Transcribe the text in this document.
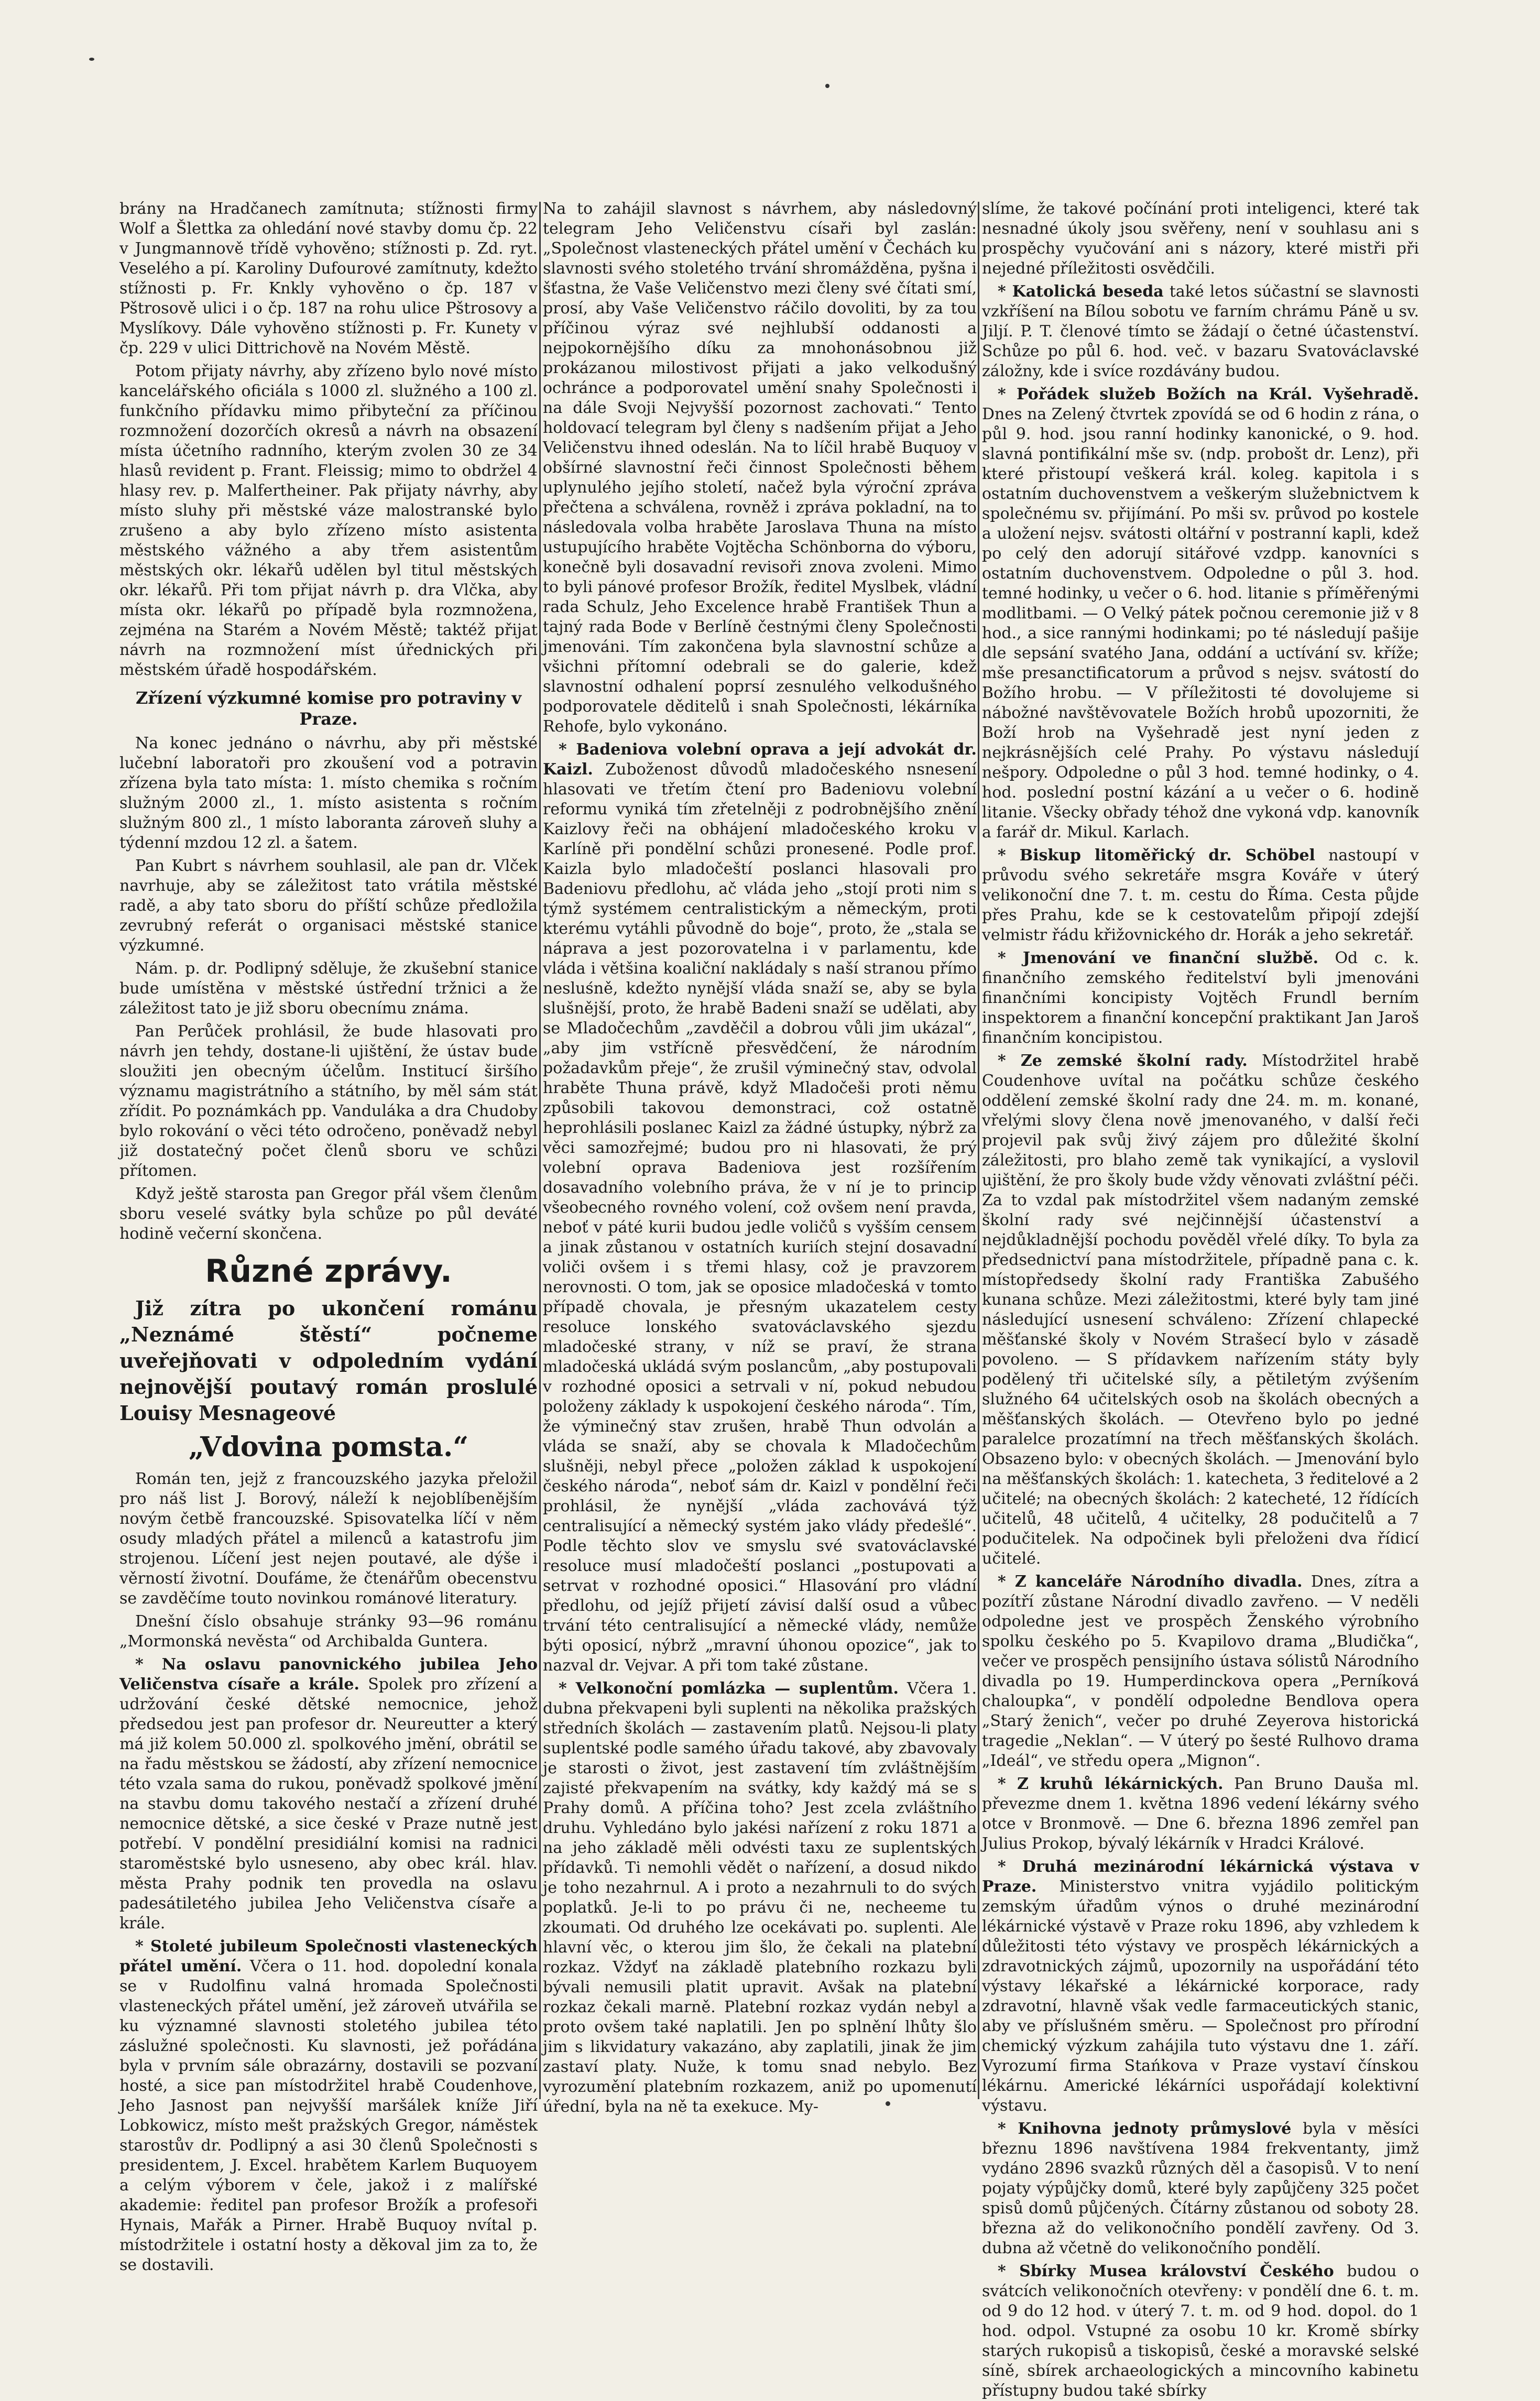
brány na Hradčanech zamítnuta; stížnosti firmy Wolf a Šlettka za ohledání nové stavby domu čp. 22 v Jungmannově třídě vyhověno; stížnosti p. Zd. ryt. Veselého a pí. Karoliny Dufourové zamítnuty, kdežto stížnosti p. Fr. Knkly vyhověno o čp. 187 v Pštrosově ulici i o čp. 187 na rohu ulice Pštrosovy a Myslíkovy. Dále vyhověno stížnosti p. Fr. Kunety v čp. 229 v ulici Dittrichově na Novém Městě.

Potom přijaty návrhy, aby zřízeno bylo nové místo kancelářského oficiála s 1000 zl. služného a 100 zl. funkčního přídavku mimo přibyteční za příčinou rozmnožení dozorčích okresů a návrh na obsazení místa účetního radnního, kterým zvolen 30 ze 34 hlasů revident p. Frant. Fleissig; mimo to obdržel 4 hlasy rev. p. Malfertheiner. Pak přijaty návrhy, aby místo sluhy při městské váze malostranské bylo zrušeno a aby bylo zřízeno místo asistenta městského vážného a aby třem asistentům městských okr. lékařů udělen byl titul městských okr. lékařů. Při tom přijat návrh p. dra Vlčka, aby místa okr. lékařů po případě byla rozmnožena, zejména na Starém a Novém Městě; taktéž přijat návrh na rozmnožení míst úřednických při městském úřadě hospodářském.

Zřízení výzkumné komise pro potraviny v Praze.

Na konec jednáno o návrhu, aby při městské lučební laboratoři pro zkoušení vod a potravin zřízena byla tato místa: 1. místo chemika s ročním služným 2000 zl., 1. místo asistenta s ročním služným 800 zl., 1 místo laboranta zároveň sluhy a týdenní mzdou 12 zl. a šatem.

Pan Kubrt s návrhem souhlasil, ale pan dr. Vlček navrhuje, aby se záležitost tato vrátila městské radě, a aby tato sboru do příští schůze předložila zevrubný referát o organisaci městské stanice výzkumné.

Nám. p. dr. Podlipný sděluje, že zkušební stanice bude umístěna v městské ústřední tržnici a že záležitost tato je již sboru obecnímu známa.

Pan Perůček prohlásil, že bude hlasovati pro návrh jen tehdy, dostane-li ujištění, že ústav bude sloužiti jen obecným účelům. Institucí širšího významu magistrátního a státního, by měl sám stát zřídit. Po poznámkách pp. Vanduláka a dra Chudoby bylo rokování o věci této odročeno, poněvadž nebyl již dostatečný počet členů sboru ve schůzi přítomen.

Když ještě starosta pan Gregor přál všem členům sboru veselé svátky byla schůze po půl deváté hodině večerní skončena.

Různé zprávy.

Již zítra po ukončení románu „Neznámé štěstí“ počneme uveřejňovati v odpoledním vydání nejnovější poutavý román proslulé Louisy Mesnageové

„Vdovina pomsta.“

Román ten, jejž z francouzského jazyka přeložil pro náš list J. Borový, náleží k nejoblíbenějším novým četbě francouzské. Spisovatelka líčí v něm osudy mladých přátel a milenců a katastrofu jim strojenou. Líčení jest nejen poutavé, ale dýše i věrností životní. Doufáme, že čtenářům obecenstvu se zavděčíme touto novinkou románové literatury.

Dnešní číslo obsahuje stránky 93—96 románu „Mormonská nevěsta“ od Archibalda Guntera.

* Na oslavu panovnického jubilea Jeho Veličenstva císaře a krále. Spolek pro zřízení a udržování české dětské nemocnice, jehož předsedou jest pan profesor dr. Neureutter a který má již kolem 50.000 zl. spolkového jmění, obrátil se na řadu městskou se žádostí, aby zřízení nemocnice této vzala sama do rukou, poněvadž spolkové jmění na stavbu domu takového nestačí a zřízení druhé nemocnice dětské, a sice české v Praze nutně jest potřebí. V pondělní presidiální komisi na radnici staroměstské bylo usneseno, aby obec král. hlav. města Prahy podnik ten provedla na oslavu padesátiletého jubilea Jeho Veličenstva císaře a krále.

* Stoleté jubileum Společnosti vlasteneckých přátel umění. Včera o 11. hod. dopolední konala se v Rudolfinu valná hromada Společnosti vlasteneckých přátel umění, jež zároveň utvářila se ku významné slavnosti stoletého jubilea této záslužné společnosti. Ku slavnosti, jež pořádána byla v prvním sále obrazárny, dostavili se pozvaní hosté, a sice pan místodržitel hrabě Coudenhove, Jeho Jasnost pan nejvyšší maršálek kníže Jiří Lobkowicz, místo mešt pražských Gregor, náměstek starostův dr. Podlipný a asi 30 členů Společnosti s presidentem, J. Excel. hrabětem Karlem Buquoyem a celým výborem v čele, jakož i z malířské akademie: ředitel pan profesor Brožík a profesoři Hynais, Mařák a Pirner. Hrabě Buquoy nvítal p. místodržitele i ostatní hosty a děkoval jim za to, že se dostavili.

Na to zahájil slavnost s návrhem, aby následovný telegram Jeho Veličenstvu císaři byl zaslán: „Společnost vlasteneckých přátel umění v Čechách ku slavnosti svého stoletého trvání shromážděna, pyšna i šťastna, že Vaše Veličenstvo mezi členy své čítati smí, prosí, aby Vaše Veličenstvo ráčilo dovoliti, by za tou příčinou výraz své nejhlubší oddanosti a nejpokornějšího díku za mnohonásobnou již prokázanou milostivost přijati a jako velkodušný ochránce a podporovatel umění snahy Společnosti i na dále Svoji Nejvyšší pozornost zachovati.“ Tento holdovací telegram byl členy s nadšením přijat a Jeho Veličenstvu ihned odeslán. Na to líčil hrabě Buquoy v obšírné slavnostní řeči činnost Společnosti během uplynulého jejího století, načež byla výroční zpráva přečtena a schválena, rovněž i zpráva pokladní, na to následovala volba hraběte Jaroslava Thuna na místo ustupujícího hraběte Vojtěcha Schönborna do výboru, konečně byli dosavadní revisoři znova zvoleni. Mimo to byli pánové profesor Brožík, ředitel Myslbek, vládní rada Schulz, Jeho Excelence hrabě František Thun a tajný rada Bode v Berlíně čestnými členy Společnosti jmenováni. Tím zakončena byla slavnostní schůze a všichni přítomní odebrali se do galerie, kdež slavnostní odhalení poprsí zesnulého velkodušného podporovatele děditelů i snah Společnosti, lékárníka Rehofe, bylo vykonáno.

* Badeniova volební oprava a její advokát dr. Kaizl. Zuboženost důvodů mladočeského nsnesení hlasovati ve třetím čtení pro Badeniovu volební reformu vyniká tím zřetelněji z podrobnějšího znění Kaizlovy řeči na obhájení mladočeského kroku v Karlíně při pondělní schůzi pronesené. Podle prof. Kaizla bylo mladočeští poslanci hlasovali pro Badeniovu předlohu, ač vláda jeho „stojí proti nim s týmž systémem centralistickým a německým, proti kterému vytáhli původně do boje“, proto, že „stala se náprava a jest pozorovatelna i v parlamentu, kde vláda i většina koaliční nakládaly s naší stranou přímo nesluśně, kdežto nynější vláda snaží se, aby se byla slušnější, proto, že hrabě Badeni snaží se udělati, aby se Mladočechům „zavděčil a dobrou vůli jim ukázal“, „aby jim vstřícně přesvědčení, že národním požadavkům přeje“, že zrušil výminečný stav, odvolal hraběte Thuna právě, když Mladočeši proti němu způsobili takovou demonstraci, což ostatně heprohlásili poslanec Kaizl za žádné ústupky, nýbrž za věci samozřejmé; budou pro ni hlasovati, že prý volební oprava Badeniova jest rozšířením dosavadního volebního práva, že v ní je to princip všeobecného rovného volení, což ovšem není pravda, neboť v páté kurii budou jedle voličů s vyšším censem a jinak zůstanou v ostatních kuriích stejní dosavadní voliči ovšem i s třemi hlasy, což je pravzorem nerovnosti. O tom, jak se oposice mladočeská v tomto případě chovala, je přesným ukazatelem cesty resoluce lonského svatováclavského sjezdu mladočeské strany, v níž se praví, že strana mladočeská ukládá svým poslancům, „aby postupovali v rozhodné oposici a setrvali v ní, pokud nebudou položeny základy k uspokojení českého národa“. Tím, že výminečný stav zrušen, hrabě Thun odvolán a vláda se snaží, aby se chovala k Mladočechům slušněji, nebyl přece „položen základ k uspokojení českého národa“, neboť sám dr. Kaizl v pondělní řeči prohlásil, že nynější „vláda zachovává týž centralisující a německý systém jako vlády předešlé“. Podle těchto slov ve smyslu své svatováclavské resoluce musí mladočeští poslanci „postupovati a setrvat v rozhodné oposici.“ Hlasování pro vládní předlohu, od jejíž přijetí závisí další osud a vůbec trvání této centralisující a německé vlády, nemůže býti oposicí, nýbrž „mravní úhonou opozice“, jak to nazval dr. Vejvar. A při tom také zůstane.

* Velkonoční pomlázka — suplentům. Včera 1. dubna překvapeni byli suplenti na několika pražských středních školách — zastavením platů. Nejsou-li platy suplentské podle samého úřadu takové, aby zbavovaly je starosti o život, jest zastavení tím zvláštnějším zajisté překvapením na svátky, kdy každý má se s Prahy domů. A příčina toho? Jest zcela zvláštního druhu. Vyhledáno bylo jakési nařízení z roku 1871 a na jeho základě měli odvésti taxu ze suplentských přídavků. Ti nemohli vědět o nařízení, a dosud nikdo je toho nezahrnul. A i proto a nezahrnuli to do svých poplatků. Je-li to po právu či ne, necheeme tu zkoumati. Od druhého lze ocekávati po. suplenti. Ale hlavní věc, o kterou jim šlo, že čekali na platební rozkaz. Vždyť na základě platebního rozkazu byli bývali nemusili platit upravit. Avšak na platební rozkaz čekali marně. Platební rozkaz vydán nebyl a proto ovšem také naplatili. Jen po splnění lhůty šlo jim s likvidatury vakazáno, aby zaplatili, jinak že jim zastaví platy. Nuže, k tomu snad nebylo. Bez vyrozumění platebním rozkazem, aniž po upomenutí úřední, byla na ně ta exekuce. My-

slíme, že takové počínání proti inteligenci, které tak nesnadné úkoly jsou svěřeny, není v souhlasu ani s prospěchy vyučování ani s názory, které mistři při nejedné příležitosti osvědčili.

* Katolická beseda také letos súčastní se slavnosti vzkříšení na Bílou sobotu ve farním chrámu Páně u sv. Jiljí. P. T. členové tímto se žádají o četné účastenství. Schůze po půl 6. hod. več. v bazaru Svatováclavské záložny, kde i svíce rozdávány budou.

* Pořádek služeb Božích na Král. Vyšehradě. Dnes na Zelený čtvrtek zpovídá se od 6 hodin z rána, o půl 9. hod. jsou ranní hodinky kanonické, o 9. hod. slavná pontifikální mše sv. (ndp. probošt dr. Lenz), při které přistoupí veškerá král. koleg. kapitola i s ostatním duchovenstvem a veškerým služebnictvem k společnému sv. přijímání. Po mši sv. průvod po kostele a uložení nejsv. svátosti oltářní v postranní kapli, kdež po celý den adorují sitářové vzdpp. kanovníci s ostatním duchovenstvem. Odpoledne o půl 3. hod. temné hodinky, u večer o 6. hod. litanie s příměřenými modlitbami. — O Velký pátek počnou ceremonie již v 8 hod., a sice rannými hodinkami; po té následují pašije dle sepsání svatého Jana, oddání a uctívání sv. kříže; mše presanctificatorum a průvod s nejsv. svátostí do Božího hrobu. — V příležitosti té dovolujeme si nábožné navštěvovatele Božích hrobů upozorniti, že Boží hrob na Vyšehradě jest nyní jeden z nejkrásnějších celé Prahy. Po výstavu následují nešpory. Odpoledne o půl 3 hod. temné hodinky, o 4. hod. poslední postní kázání a u večer o 6. hodině litanie. Všecky obřady téhož dne vykoná vdp. kanovník a farář dr. Mikul. Karlach.

* Biskup litoměřický dr. Schöbel nastoupí v průvodu svého sekretáře msgra Kováře v úterý velikonoční dne 7. t. m. cestu do Říma. Cesta půjde přes Prahu, kde se k cestovatelům připojí zdejší velmistr řádu křižovnického dr. Horák a jeho sekretář.

* Jmenování ve finanční službě. Od c. k. finančního zemského ředitelství byli jmenováni finančními koncipisty Vojtěch Frundl berním inspektorem a finanční koncepční praktikant Jan Jaroš finančním koncipistou.

* Ze zemské školní rady. Místodržitel hrabě Coudenhove uvítal na počátku schůze českého oddělení zemské školní rady dne 24. m. m. konané, vřelými slovy člena nově jmenovaného, v další řeči projevil pak svůj živý zájem pro důležité školní záležitosti, pro blaho země tak vynikající, a vyslovil ujištění, že pro školy bude vždy věnovati zvláštní péči. Za to vzdal pak místodržitel všem nadaným zemské školní rady své nejčinnější účastenství a nejdůkladnější pochodu pověděl vřelé díky. To byla za předsednictví pana místodržitele, případně pana c. k. místopředsedy školní rady Františka Zabušého kunana schůze. Mezi záležitostmi, které byly tam jiné následující usnesení schváleno: Zřízení chlapecké měšťanské školy v Novém Strašecí bylo v zásadě povoleno. — S přídavkem nařízením státy byly podělený tři učitelské síly, a pětiletým zvýšením služného 64 učitelských osob na školách obecných a měšťanských školách. — Otevřeno bylo po jedné paralelce prozatímní na třech měšťanských školách. Obsazeno bylo: v obecných školách. — Jmenování bylo na měšťanských školách: 1. katecheta, 3 ředitelové a 2 učitelé; na obecných školách: 2 katecheté, 12 řídících učitelů, 48 učitelů, 4 učitelky, 28 podučitelů a 7 podučitelek. Na odpočinek byli přeloženi dva řídicí učitelé.

* Z kanceláře Národního divadla. Dnes, zítra a pozítří zůstane Národní divadlo zavřeno. — V neděli odpoledne jest ve prospěch Ženského výrobního spolku českého po 5. Kvapilovo drama „Bludička“, večer ve prospěch pensijního ústava sólistů Národního divadla po 19. Humperdinckova opera „Perníková chaloupka“, v pondělí odpoledne Bendlova opera „Starý ženich“, večer po druhé Zeyerova historická tragedie „Neklan“. — V úterý po šesté Rulhovo drama „Ideál“, ve středu opera „Mignon“.

* Z kruhů lékárnických. Pan Bruno Dauša ml. převezme dnem 1. května 1896 vedení lékárny svého otce v Bronmově. — Dne 6. března 1896 zemřel pan Julius Prokop, bývalý lékárník v Hradci Králové.

* Druhá mezinárodní lékárnická výstava v Praze. Ministerstvo vnitra vyjádilo politickým zemským úřadům výnos o druhé mezinárodní lékárnické výstavě v Praze roku 1896, aby vzhledem k důležitosti této výstavy ve prospěch lékárnických a zdravotnických zájmů, upozornily na uspořádání této výstavy lékařské a lékárnické korporace, rady zdravotní, hlavně však vedle farmaceutických stanic, aby ve příslušném směru. — Společnost pro přírodní chemický výzkum zahájila tuto výstavu dne 1. září. Vyrozumí firma Stańkova v Praze vystaví čínskou lékárnu. Americké lékárníci uspořádají kolektivní výstavu.

* Knihovna jednoty průmyslové byla v měsíci březnu 1896 navštívena 1984 frekventanty, jimž vydáno 2896 svazků různých děl a časopisů. V to není pojaty výpůjčky domů, které byly zapůjčeny 325 počet spisů domů půjčených. Čítárny zůstanou od soboty 28. března až do velikonočního pondělí zavřeny. Od 3. dubna až včetně do velikonočního pondělí.

* Sbírky Musea království Českého budou o svátcích velikonočních otevřeny: v pondělí dne 6. t. m. od 9 do 12 hod. v úterý 7. t. m. od 9 hod. dopol. do 1 hod. odpol. Vstupné za osobu 10 kr. Kromě sbírky starých rukopisů a tiskopisů, české a moravské selské síně, sbírek archaeologických a mincovního kabinetu přístupny budou také sbírky
